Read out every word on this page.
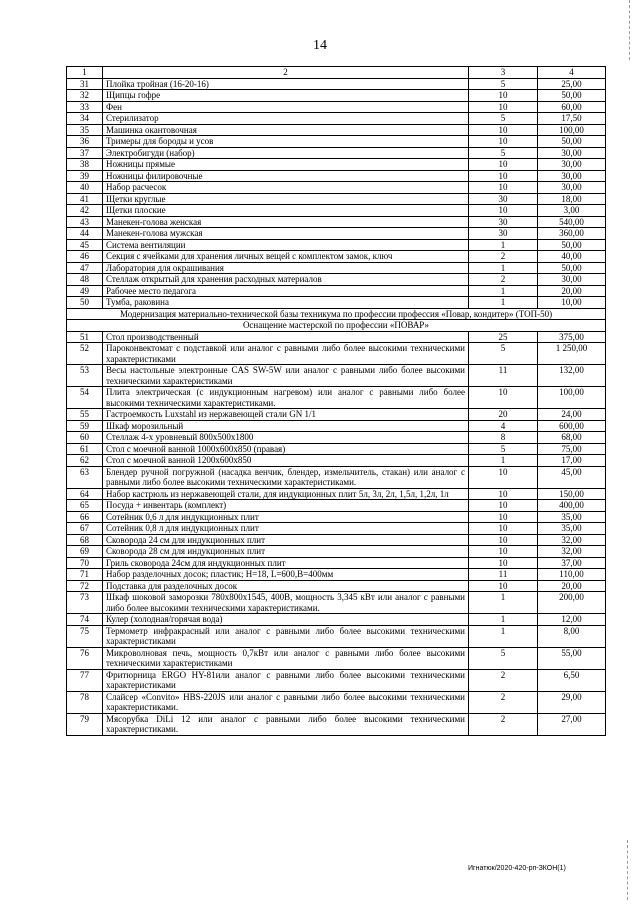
14
1	2	3	4
31	Плойка тройная (16-20-16)	5	25,00
32	Щипцы гофре	10	50,00
33	Фен	10	60,00
34	Стерилизатор	5	17,50
35	Машинка окантовочная	10	100,00
36	Тримеры для бороды и усов	10	50,00
37	Электробигуди (набор)	5	30,00
38	Ножницы прямые	10	30,00
39	Ножницы филировочные	10	30,00
40	Набор расчесок	10	30,00
41	Щетки круглые	30	18,00
42	Щетки плоские	10	3,00
43	Манекен-голова женская	30	540,00
44	Манекен-голова мужская	30	360,00
45	Система вентиляции	1	50,00
46	Секция с ячейками для хранения личных вещей с комплектом замок, ключ	2	40,00
47	Лаборатория для окрашивания	1	50,00
48	Стеллаж открытый для хранения расходных материалов	2	30,00
49	Рабочее место педагога	1	20,00
50	Тумба, раковина	1	10,00
Модернизация материально-технической базы техникума по профессии профессия «Повар, кондитер» (ТОП-50)			
Оснащение мастерской по профессии «ПОВАР»			
51	Стол производственный	25	375,00
52	Пароконвектомат с подставкой или аналог с равными либо более высокими техническими характеристиками	5	1 250,00
53	Весы настольные электронные CAS SW-5W или аналог с равными либо более высокими техническими характеристиками	11	132,00
54	Плита электрическая (с индукционным нагревом) или аналог с равными либо более высокими техническими характеристиками.	10	100,00
55	Гастроемкость Luxstahl из нержавеющей стали GN 1/1	20	24,00
59	Шкаф морозильный	4	600,00
60	Стеллаж 4-х уровневый 800х500х1800	8	68,00
61	Стол с моечной ванной 1000х600х850 (правая)	5	75,00
62	Стол с моечной ванной 1200х600х850	1	17,00
63	Блендер ручной погружной (насадка венчик, блендер, измельчитель, стакан) или аналог с равными либо более высокими техническими характеристиками.	10	45,00
64	Набор кастрюль из нержавеющей стали, для индукционных плит 5л, 3л, 2л, 1,5л, 1,2л, 1л	10	150,00
65	Посуда + инвентарь (комплект)	10	400,00
66	Сотейник 0,6 л для индукционных плит	10	35,00
67	Сотейник 0,8 л для индукционных плит	10	35,00
68	Сковорода 24 см для индукционных плит	10	32,00
69	Сковорода 28 см для индукционных плит	10	32,00
70	Гриль сковорода 24см для индукционных плит	10	37,00
71	Набор разделочных досок; пластик; H=18, L=600,B=400мм	11	110,00
72	Подставка для разделочных досок	10	20,00
73	Шкаф шоковой заморозки 780х800х1545, 400В, мощность 3,345 кВт или аналог с равными либо более высокими техническими характеристиками.	1	200,00
74	Кулер (холодная/горячая вода)	1	12,00
75	Термометр инфракрасный или аналог с равными либо более высокими техническими характеристиками	1	8,00
76	Микроволновая печь, мощность 0,7кВт или аналог с равными либо более высокими техническими характеристиками	5	55,00
77	Фритюрница ERGO HY-81или аналог с равными либо более высокими техническими характеристиками	2	6,50
78	Слайсер «Convito» HBS-220JS или аналог с равными либо более высокими техническими характеристиками.	2	29,00
79	Мясорубка DiLi 12 или аналог с равными либо более высокими техническими характеристиками.	2	27,00
Игнатюк/2020-420-рп-ЗКОН(1)
